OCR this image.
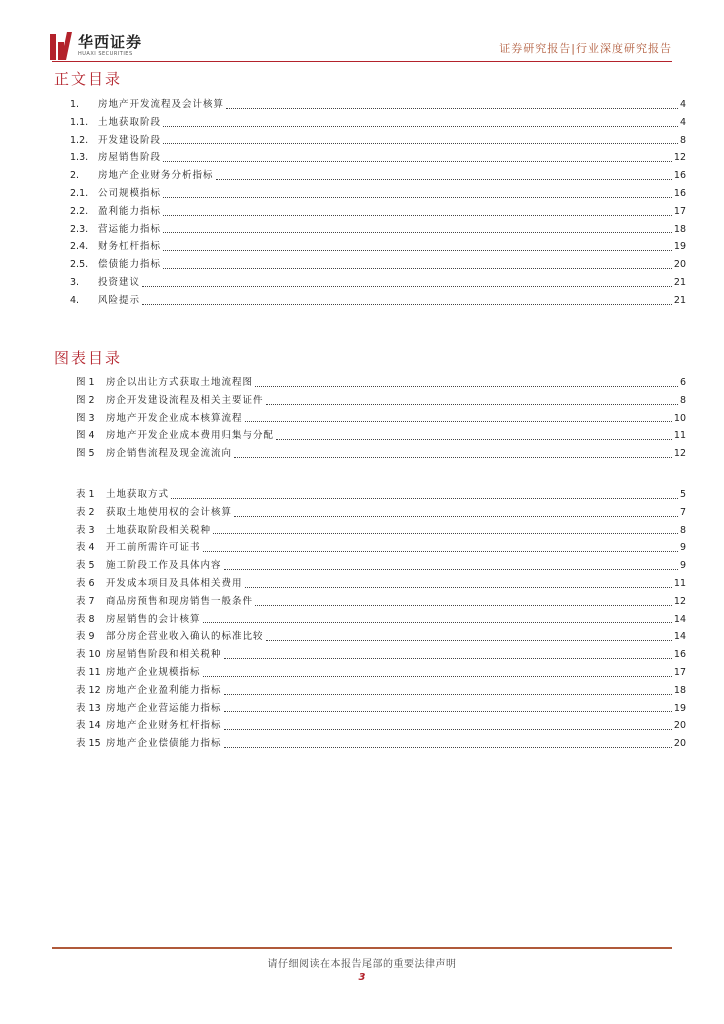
华西证券
HUAXI SECURITIES	证券研究报告|行业深度研究报告
正文目录
1.	房地产开发流程及会计核算	4
1.1.	土地获取阶段	4
1.2.	开发建设阶段	8
1.3.	房屋销售阶段	12
2.	房地产企业财务分析指标	16
2.1.	公司规模指标	16
2.2.	盈利能力指标	17
2.3.	营运能力指标	18
2.4.	财务杠杆指标	19
2.5.	偿债能力指标	20
3.	投资建议	21
4.	风险提示	21
图表目录
图 1	房企以出让方式获取土地流程图	6
图 2	房企开发建设流程及相关主要证件	8
图 3	房地产开发企业成本核算流程	10
图 4	房地产开发企业成本费用归集与分配	11
图 5	房企销售流程及现金流流向	12
表 1	土地获取方式	5
表 2	获取土地使用权的会计核算	7
表 3	土地获取阶段相关税种	8
表 4	开工前所需许可证书	9
表 5	施工阶段工作及具体内容	9
表 6	开发成本项目及具体相关费用	11
表 7	商品房预售和现房销售一般条件	12
表 8	房屋销售的会计核算	14
表 9	部分房企营业收入确认的标准比较	14
表 10 房屋销售阶段和相关税种	16
表 11 房地产企业规模指标	17
表 12 房地产企业盈利能力指标	18
表 13 房地产企业营运能力指标	19
表 14 房地产企业财务杠杆指标	20
表 15 房地产企业偿债能力指标	20
请仔细阅读在本报告尾部的重要法律声明
3
